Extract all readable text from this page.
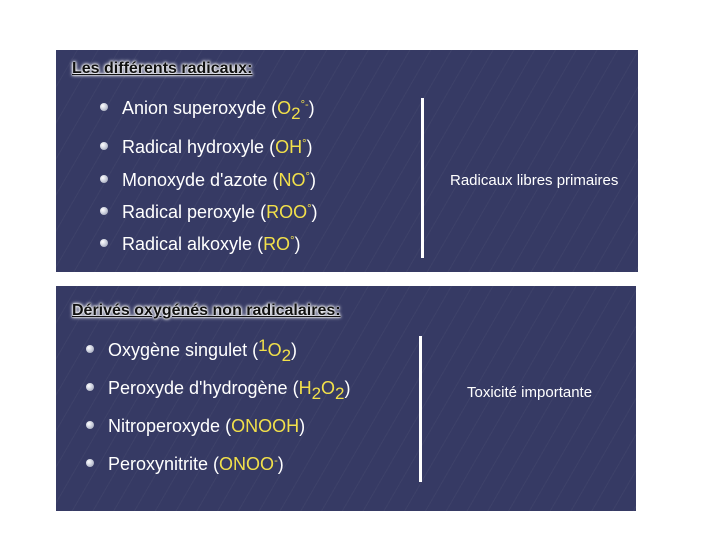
Les différents radicaux:
Anion superoxyde (O2°-)
Radical hydroxyle (OH°)
Monoxyde d'azote (NO°)
Radical peroxyle (ROO°)
Radical alkoxyle (RO°)
Radicaux libres primaires
Dérivés oxygénés non radicalaires:
Oxygène singulet (1O2)
Peroxyde d'hydrogène (H2O2)
Nitroperoxyde (ONOOH)
Peroxynitrite (ONOO-)
Toxicité importante
